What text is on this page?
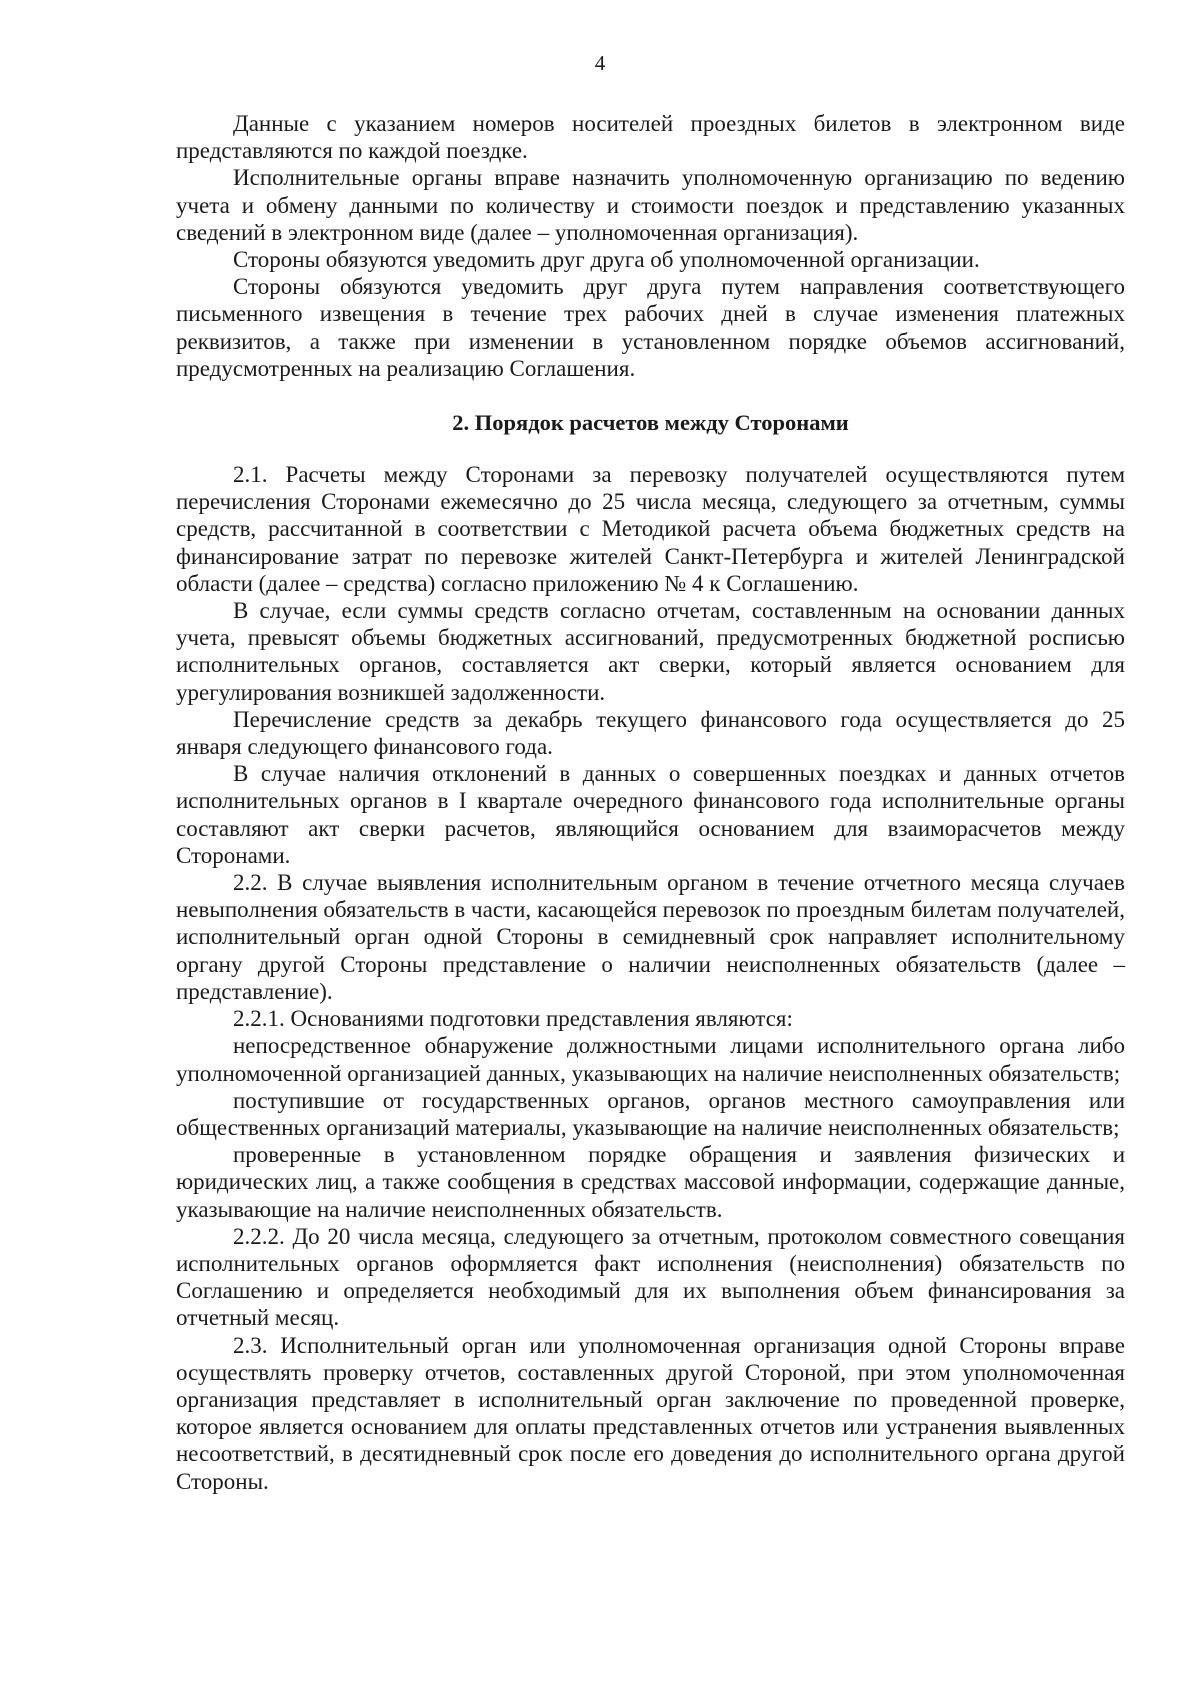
4

Данные с указанием номеров носителей проездных билетов в электронном виде представляются по каждой поездке.

Исполнительные органы вправе назначить уполномоченную организацию по ведению учета и обмену данными по количеству и стоимости поездок и представлению указанных сведений в электронном виде (далее – уполномоченная организация).

Стороны обязуются уведомить друг друга об уполномоченной организации.

Стороны обязуются уведомить друг друга путем направления соответствующего письменного извещения в течение трех рабочих дней в случае изменения платежных реквизитов, а также при изменении в установленном порядке объемов ассигнований, предусмотренных на реализацию Соглашения.

2. Порядок расчетов между Сторонами

2.1. Расчеты между Сторонами за перевозку получателей осуществляются путем перечисления Сторонами ежемесячно до 25 числа месяца, следующего за отчетным, суммы средств, рассчитанной в соответствии с Методикой расчета объема бюджетных средств на финансирование затрат по перевозке жителей Санкт-Петербурга и жителей Ленинградской области (далее – средства) согласно приложению № 4 к Соглашению.

В случае, если суммы средств согласно отчетам, составленным на основании данных учета, превысят объемы бюджетных ассигнований, предусмотренных бюджетной росписью исполнительных органов, составляется акт сверки, который является основанием для урегулирования возникшей задолженности.

Перечисление средств за декабрь текущего финансового года осуществляется до 25 января следующего финансового года.

В случае наличия отклонений в данных о совершенных поездках и данных отчетов исполнительных органов в I квартале очередного финансового года исполнительные органы составляют акт сверки расчетов, являющийся основанием для взаиморасчетов между Сторонами.

2.2. В случае выявления исполнительным органом в течение отчетного месяца случаев невыполнения обязательств в части, касающейся перевозок по проездным билетам получателей, исполнительный орган одной Стороны в семидневный срок направляет исполнительному органу другой Стороны представление о наличии неисполненных обязательств (далее – представление).

2.2.1. Основаниями подготовки представления являются:

непосредственное обнаружение должностными лицами исполнительного органа либо уполномоченной организацией данных, указывающих на наличие неисполненных обязательств;

поступившие от государственных органов, органов местного самоуправления или общественных организаций материалы, указывающие на наличие неисполненных обязательств;

проверенные в установленном порядке обращения и заявления физических и юридических лиц, а также сообщения в средствах массовой информации, содержащие данные, указывающие на наличие неисполненных обязательств.

2.2.2. До 20 числа месяца, следующего за отчетным, протоколом совместного совещания исполнительных органов оформляется факт исполнения (неисполнения) обязательств по Соглашению и определяется необходимый для их выполнения объем финансирования за отчетный месяц.

2.3. Исполнительный орган или уполномоченная организация одной Стороны вправе осуществлять проверку отчетов, составленных другой Стороной, при этом уполномоченная организация представляет в исполнительный орган заключение по проведенной проверке, которое является основанием для оплаты представленных отчетов или устранения выявленных несоответствий, в десятидневный срок после его доведения до исполнительного органа другой Стороны.
